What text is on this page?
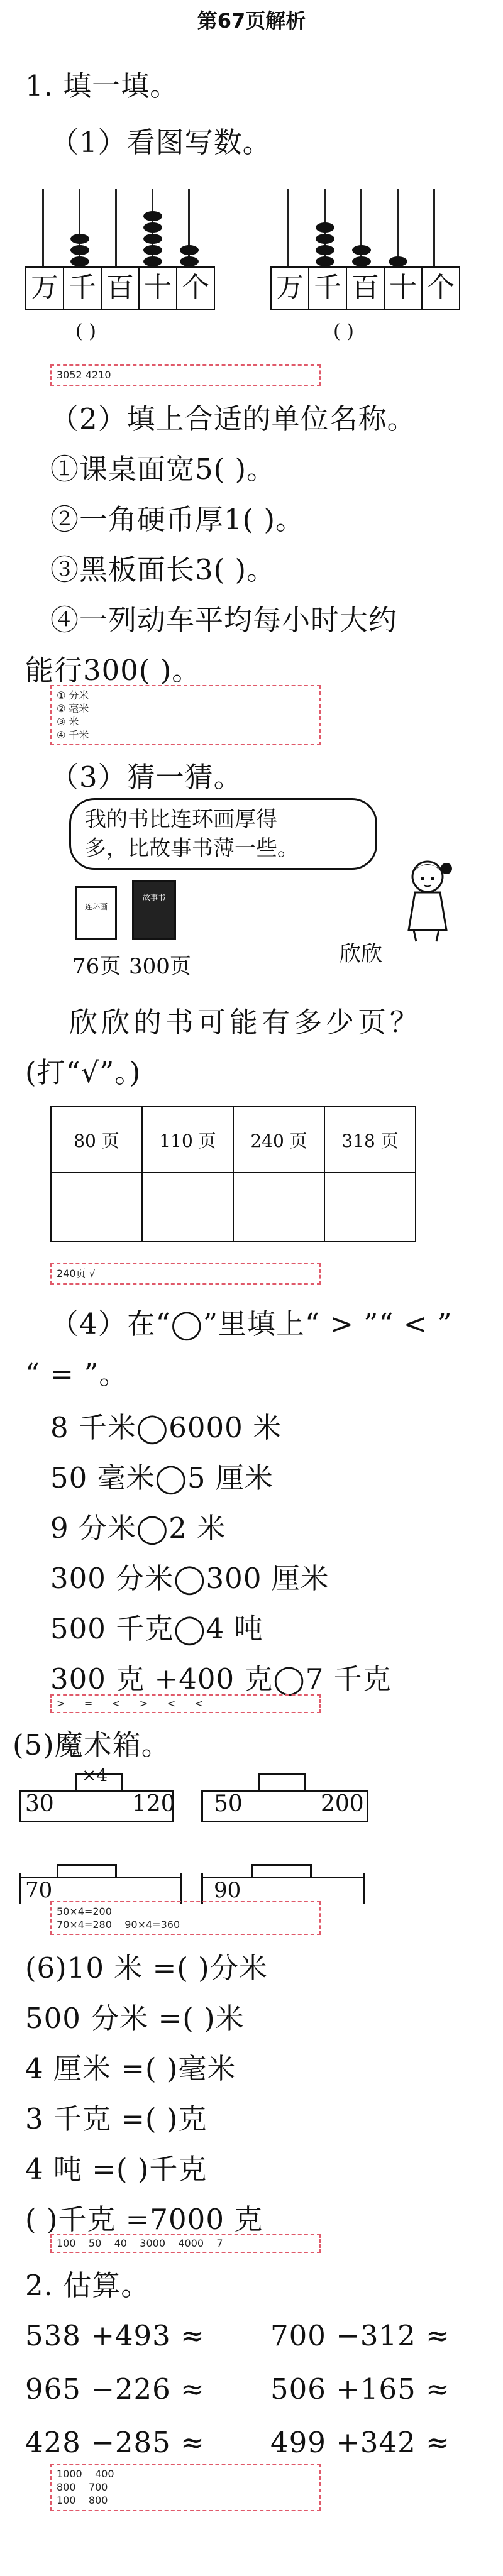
第67页解析
1. 填一填。
（1）看图写数。
万 千 百 十 个 万 千 百 十 个
( )	( )
3052 4210
（2）填上合适的单位名称。
①课桌面宽5( )。
②一角硬币厚1( )。
③黑板面长3( )。
④一列动车平均每小时大约
能行300( )。
① 分米
② 毫米
③ 米
④ 千米
（3）猜一猜。
我的书比连环画厚得
多，比故事书薄一些。
连环画
故事书
76页 300页	欣欣
欣欣的书可能有多少页？
(打“√”。)
80 页	110 页	240 页	318 页

240页 √
（4）在“◯”里填上“ > ”“ < ”
“ = ”。
8 千米◯6000 米
50 毫米◯5 厘米
9 分米◯2 米
300 分米◯300 厘米
500 千克◯4 吨
300 克 +400 克◯7 千克
>      =      <      >      <      <
(5)魔术箱。
×4
30	120 50	200
70	90
50×4=200
70×4=280    90×4=360
(6)10 米 =( )分米
500 分米 =( )米
4 厘米 =( )毫米
3 千克 =( )克
4 吨 =( )千克
( )千克 =7000 克
100    50    40    3000    4000    7
2. 估算。
538 +493 ≈ 700 −312 ≈
965 −226 ≈ 506 +165 ≈
428 −285 ≈ 499 +342 ≈
1000    400
800    700
100    800
